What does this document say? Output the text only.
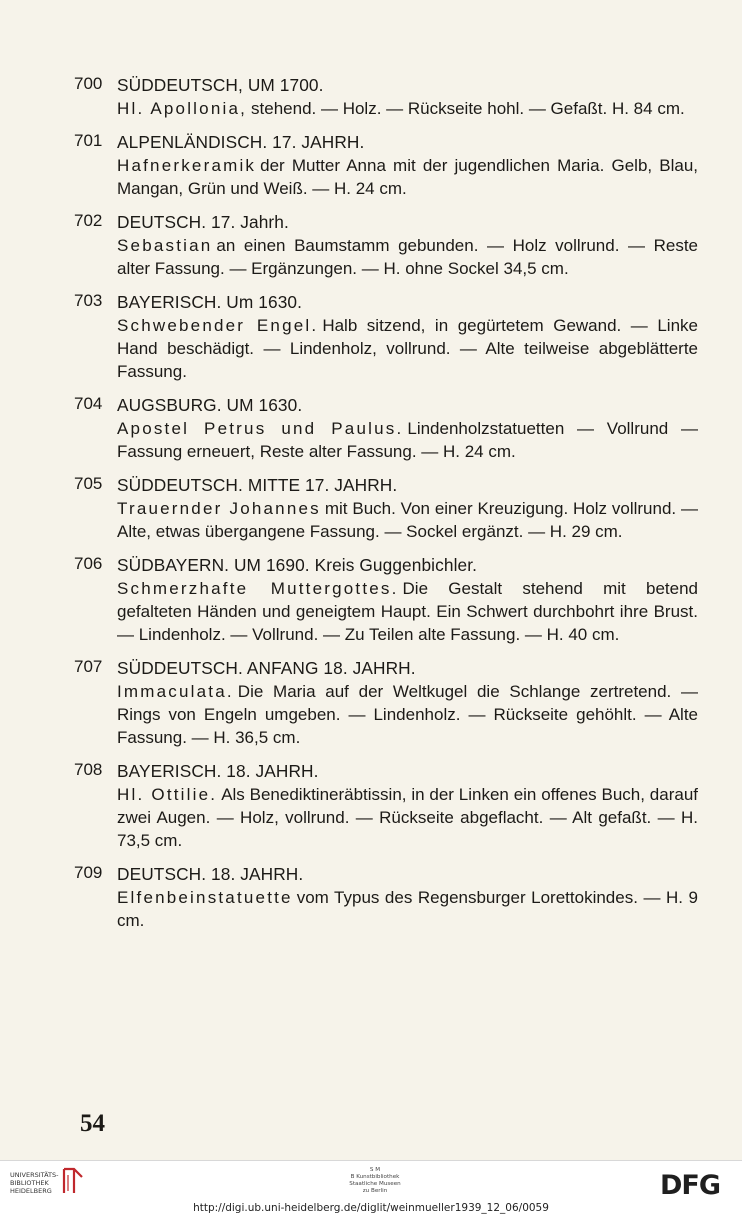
700 SÜDDEUTSCH, UM 1700.
Hl. Apollonia, stehend. — Holz. — Rückseite hohl. — Gefaßt. H. 84 cm.
701 ALPENLÄNDISCH. 17. JAHRH.
Hafnerkeramik der Mutter Anna mit der jugendlichen Maria. Gelb, Blau, Mangan, Grün und Weiß. — H. 24 cm.
702 DEUTSCH. 17. Jahrh.
Sebastian an einen Baumstamm gebunden. — Holz vollrund. — Reste alter Fassung. — Ergänzungen. — H. ohne Sockel 34,5 cm.
703 BAYERISCH. Um 1630.
Schwebender Engel. Halb sitzend, in gegürtetem Gewand. — Linke Hand beschädigt. — Lindenholz, vollrund. — Alte teilweise abgeblätterte Fassung.
704 AUGSBURG. UM 1630.
Apostel Petrus und Paulus. Lindenholzstatuetten — Vollrund — Fassung erneuert, Reste alter Fassung. — H. 24 cm.
705 SÜDDEUTSCH. MITTE 17. JAHRH.
Trauernder Johannes mit Buch. Von einer Kreuzigung. Holz vollrund. — Alte, etwas übergangene Fassung. — Sockel ergänzt. — H. 29 cm.
706 SÜDBAYERN. UM 1690. Kreis Guggenbichler.
Schmerzhafte Muttergottes. Die Gestalt stehend mit betend gefalteten Händen und geneigtem Haupt. Ein Schwert durchbohrt ihre Brust. — Lindenholz. — Vollrund. — Zu Teilen alte Fassung. — H. 40 cm.
707 SÜDDEUTSCH. ANFANG 18. JAHRH.
Immaculata. Die Maria auf der Weltkugel die Schlange zertretend. — Rings von Engeln umgeben. — Lindenholz. — Rückseite gehöhlt. — Alte Fassung. — H. 36,5 cm.
708 BAYERISCH. 18. JAHRH.
Hl. Ottilie. Als Benediktineräbtissin, in der Linken ein offenes Buch, darauf zwei Augen. — Holz, vollrund. — Rückseite abgeflacht. — Alt gefaßt. — H. 73,5 cm.
709 DEUTSCH. 18. JAHRH.
Elfenbeinstatuette vom Typus des Regensburger Lorettokindes. — H. 9 cm.
54
UNIVERSITÄTS-
BIBLIOTHEK
HEIDELBERG
S M
B Kunstbibliothek
Staatliche Museen
zu Berlin	DFG
http://digi.ub.uni-heidelberg.de/diglit/weinmueller1939_12_06/0059
